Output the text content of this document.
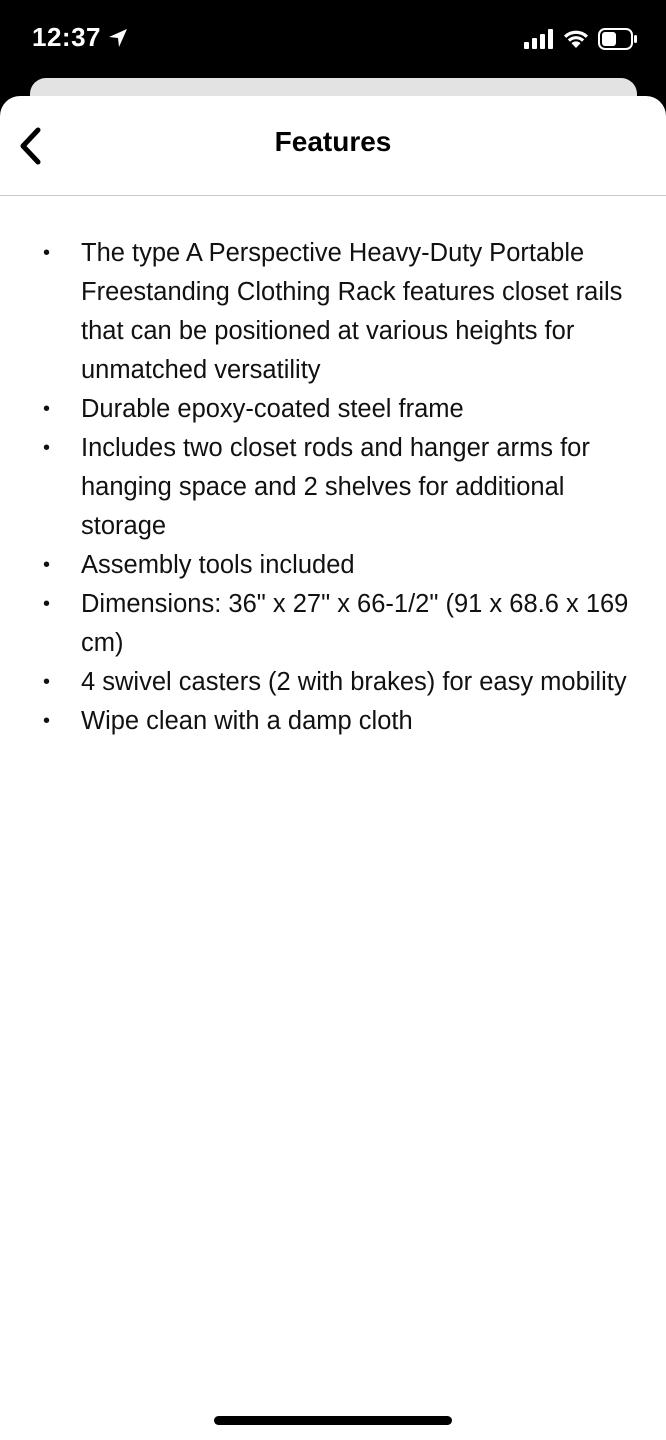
12:37
Features
• The type A Perspective Heavy-Duty Portable Freestanding Clothing Rack features closet rails that can be positioned at various heights for unmatched versatility
• Durable epoxy-coated steel frame
• Includes two closet rods and hanger arms for hanging space and 2 shelves for additional storage
• Assembly tools included
• Dimensions: 36" x 27" x 66-1/2" (91 x 68.6 x 169 cm)
• 4 swivel casters (2 with brakes) for easy mobility
• Wipe clean with a damp cloth
